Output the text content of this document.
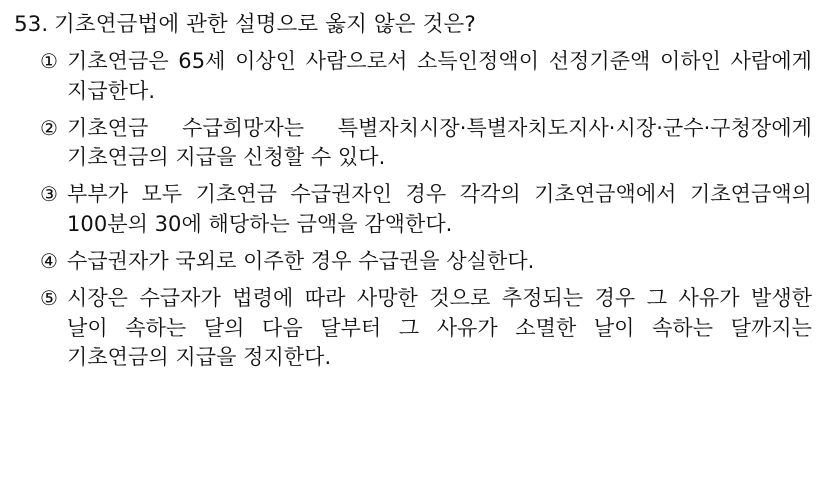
53. 기초연금법에 관한 설명으로 옳지 않은 것은?
① 기초연금은 65세 이상인 사람으로서 소득인정액이 선정기준액 이하인 사람에게 지급한다.
② 기초연금 수급희망자는 특별자치시장·특별자치도지사·시장·군수·구청장에게 기초연금의 지급을 신청할 수 있다.
③ 부부가 모두 기초연금 수급권자인 경우 각각의 기초연금액에서 기초연금액의 100분의 30에 해당하는 금액을 감액한다.
④ 수급권자가 국외로 이주한 경우 수급권을 상실한다.
⑤ 시장은 수급자가 법령에 따라 사망한 것으로 추정되는 경우 그 사유가 발생한 날이 속하는 달의 다음 달부터 그 사유가 소멸한 날이 속하는 달까지는 기초연금의 지급을 정지한다.
